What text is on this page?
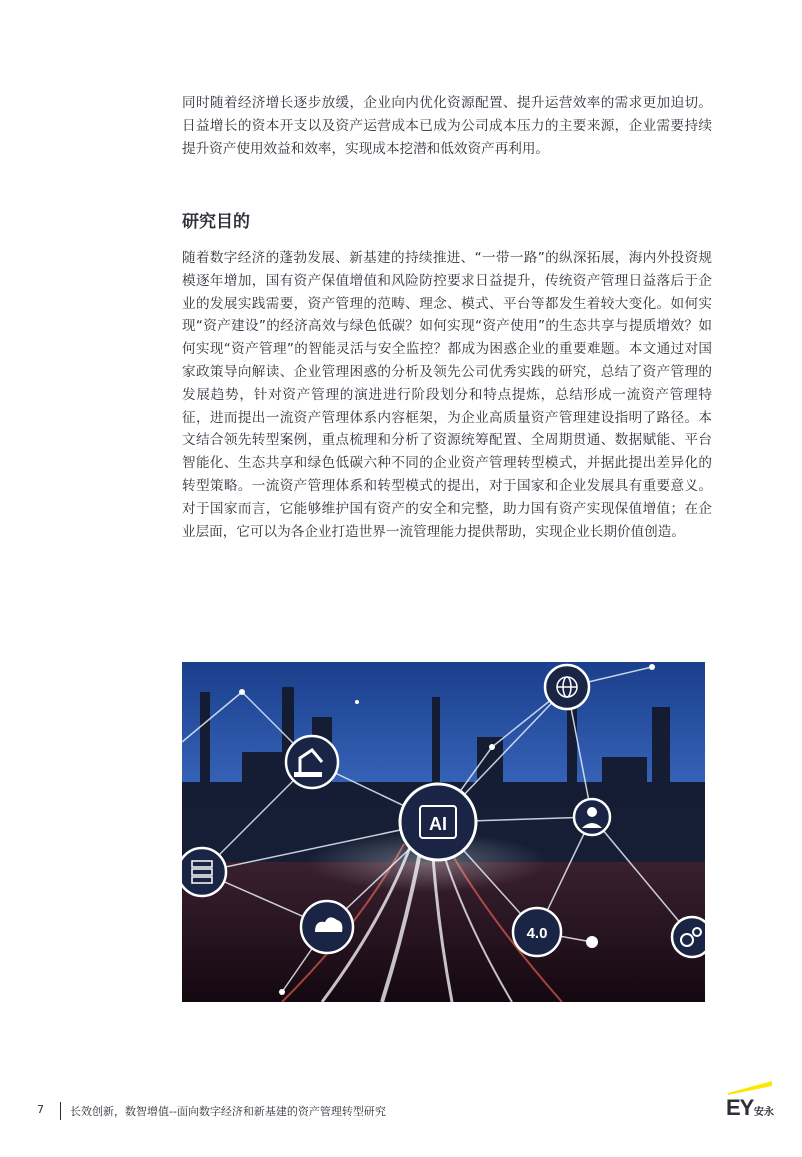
同时随着经济增长逐步放缓，企业向内优化资源配置、提升运营效率的需求更加迫切。日益增长的资本开支以及资产运营成本已成为公司成本压力的主要来源，企业需要持续提升资产使用效益和效率，实现成本挖潜和低效资产再利用。

研究目的

随着数字经济的蓬勃发展、新基建的持续推进、“一带一路”的纵深拓展，海内外投资规模逐年增加，国有资产保值增值和风险防控要求日益提升，传统资产管理日益落后于企业的发展实践需要，资产管理的范畴、理念、模式、平台等都发生着较大变化。如何实现“资产建设”的经济高效与绿色低碳？如何实现“资产使用”的生态共享与提质增效？如何实现“资产管理”的智能灵活与安全监控？都成为困惑企业的重要难题。本文通过对国家政策导向解读、企业管理困惑的分析及领先公司优秀实践的研究，总结了资产管理的发展趋势，针对资产管理的演进进行阶段划分和特点提炼，总结形成一流资产管理特征，进而提出一流资产管理体系内容框架，为企业高质量资产管理建设指明了路径。本文结合领先转型案例，重点梳理和分析了资源统筹配置、全周期贯通、数据赋能、平台智能化、生态共享和绿色低碳六种不同的企业资产管理转型模式，并据此提出差异化的转型策略。一流资产管理体系和转型模式的提出，对于国家和企业发展具有重要意义。对于国家而言，它能够维护国有资产的安全和完整，助力国有资产实现保值增值；在企业层面，它可以为各企业打造世界一流管理能力提供帮助，实现企业长期价值创造。

AI
4.0
7 长效创新，数智增值--面向数字经济和新基建的资产管理转型研究	EY 安永
